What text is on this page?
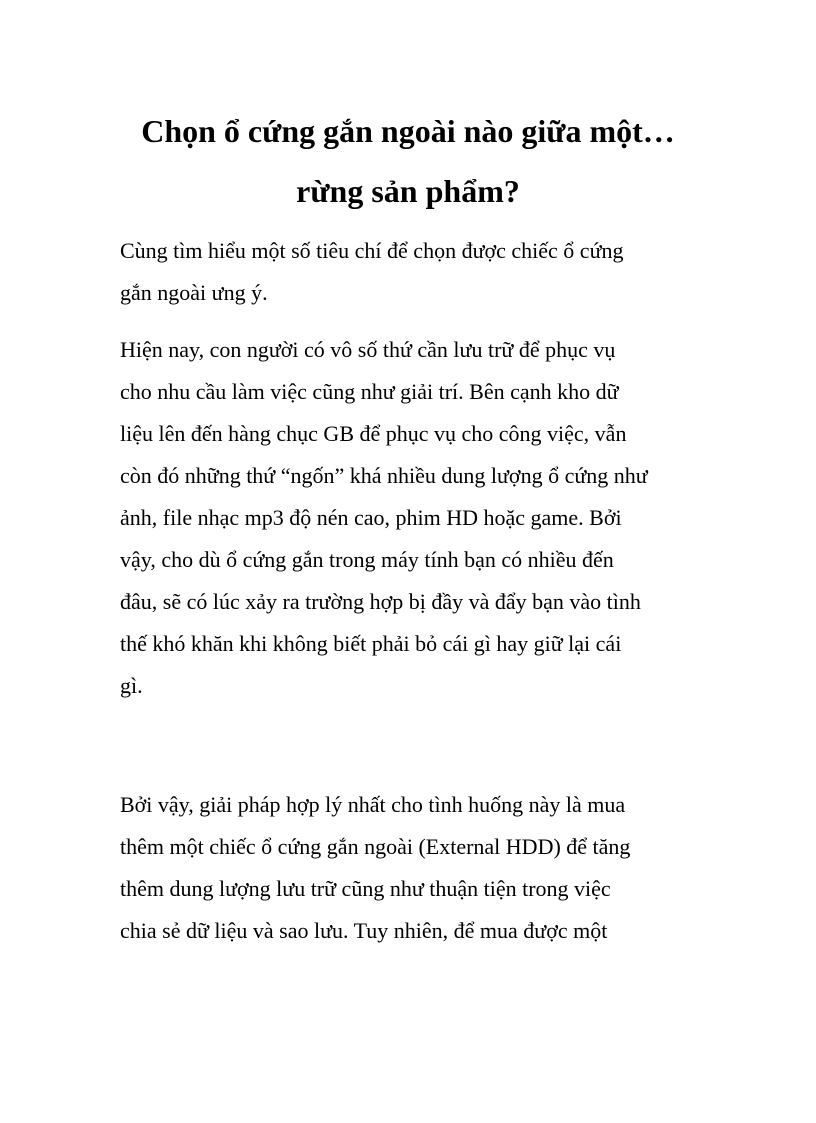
Chọn ổ cứng gắn ngoài nào giữa một…
rừng sản phẩm?

Cùng tìm hiểu một số tiêu chí để chọn được chiếc ổ cứng
gắn ngoài ưng ý.

Hiện nay, con người có vô số thứ cần lưu trữ để phục vụ
cho nhu cầu làm việc cũng như giải trí. Bên cạnh kho dữ
liệu lên đến hàng chục GB để phục vụ cho công việc, vẫn
còn đó những thứ “ngốn” khá nhiều dung lượng ổ cứng như
ảnh, file nhạc mp3 độ nén cao, phim HD hoặc game. Bởi
vậy, cho dù ổ cứng gắn trong máy tính bạn có nhiều đến
đâu, sẽ có lúc xảy ra trường hợp bị đầy và đẩy bạn vào tình
thế khó khăn khi không biết phải bỏ cái gì hay giữ lại cái
gì.

Bởi vậy, giải pháp hợp lý nhất cho tình huống này là mua
thêm một chiếc ổ cứng gắn ngoài (External HDD) để tăng
thêm dung lượng lưu trữ cũng như thuận tiện trong việc
chia sẻ dữ liệu và sao lưu. Tuy nhiên, để mua được một
